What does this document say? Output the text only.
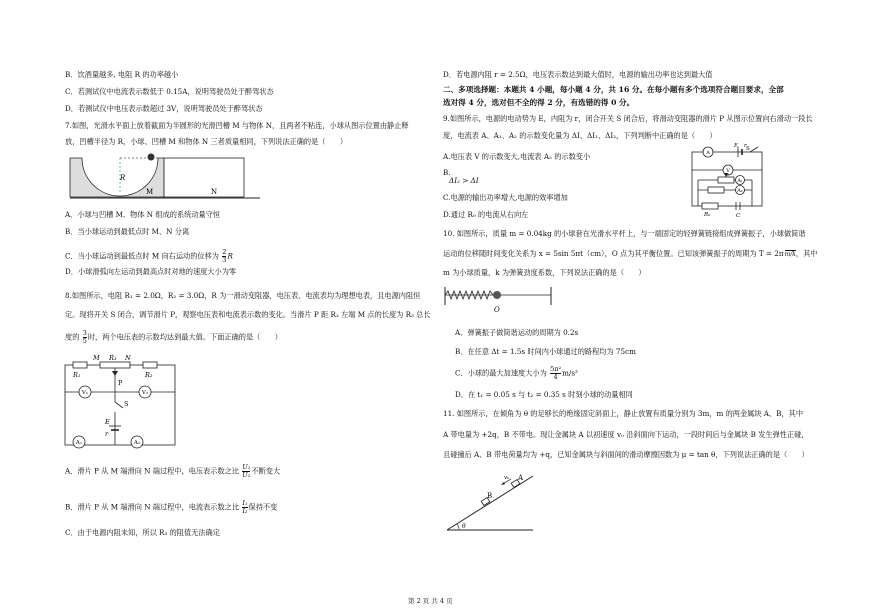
B．饮酒量越多, 电阻 R 的功率越小
C．若测试仪中电流表示数低于 0.15A，说明驾驶员处于醉驾状态
D．若测试仪中电压表示数超过 3V，说明驾驶员处于醉驾状态
7.如图，光滑水平面上放着截面为半圆形的光滑凹槽 M 与物体 N，且两者不粘连，小球从图示位置由静止释
放，凹槽半径为 R，小球、凹槽 M 和物体 N 三者质量相同，下列说法正确的是（　　）
R
M	N
A．小球与凹槽 M、物体 N 组成的系统动量守恒
B．当小球运动到最低点时 M、N 分离
C．当小球运动到最低点时 M 向右运动的位移为 $\frac{2}{3}$ R
D．小球滑弧向左运动到最高点时对地的速度大小为零
8.如图所示，电阻 R₁ = 2.0Ω，R₂ = 3.0Ω，R 为一滑动变阻器，电压表、电流表均为理想电表，且电源内阻恒
定。现将开关 S 闭合，调节滑片 P，观察电压表和电流表示数的变化。当滑片 P 距 R₃ 左端 M 点的长度为 R₃ 总长
度的 $\frac{3}{5}$ 时，两个电压表的示数均达到最大值。下面正确的是（　　）
M R₃ N
R₁	R₂
P
S
E
r
V₁	V₂
A₁	A₂
A．滑片 P 从 M 端滑向 N 端过程中，电压表示数之比 $\frac{\text{U₁}}{\text{U₂}}$ 不断变大
B．滑片 P 从 M 端滑向 N 端过程中，电流表示数之比 $\frac{\text{I₁}}{\text{I₂}}$ 保持不变
C．由于电源内阻未知，所以 R₃ 的阻值无法确定
D．若电源内阻 r = 2.5Ω，电压表示数达到最大值时，电源的输出功率也达到最大值
二、多项选择题：本题共 4 小题，每小题 4 分，共 16 分。在每小题有多个选项符合题目要求，全部
选对得 4 分，选对但不全的得 2 分，有选错的得 0 分。
9.如图所示，电源的电动势为 E，内阻为 r，闭合开关 S 闭合后，将滑动变阻器的滑片 P 从图示位置向右滑动一段长
度，电流表 A、A₁、A₂ 的示数变化量为 ΔI、ΔI₁、ΔI₂，下列判断中正确的是（　　）
A
V
A₁
A₂
S
E r
P
R₀	C
A.电压表 V 的示数变大,电流表 A₂ 的示数变小
B.
ΔI₂ > ΔI
C.电源的输出功率增大,电源的效率增加
D.通过 R₀ 的电流从右向左
10. 如图所示，质量 m = 0.04kg 的小球套在光滑水平杆上，与一端固定的轻弹簧链接组成弹簧振子，小球做简谐
运动的位移随时间变化关系为 x = 5sin 5πt（cm），O 点为其平衡位置。已知该弹簧振子的周期为 T = 2πm/k，其中
m 为小球质量，k 为弹簧劲度系数，下列说法正确的是（　　）
O
A．弹簧振子做简谐运动的周期为 0.2s
B．在任意 Δt = 1.5s 时间内小球通过的路程均为 75cm
C．小球的最大加速度大小为 $\frac{\text{5π²}}{4} m/s^2$
D．在 t₁ = 0.05 s 与 t₂ = 0.35 s 时刻小球的动量相同
11. 如图所示，在倾角为 θ 的足够长的绝缘固定斜面上，静止放置有质量分别为 3m，m 的两金属块 A、B，其中
A 带电量为 +2q，B 不带电。现让金属块 A 以初速度 v₀ 沿斜面向下运动，一段时间后与金属块 B 发生弹性正碰，
且碰撞后 A、B 带电荷量均为 +q，已知金属块与斜面间的滑动摩擦因数为 μ = tan θ，下列说法正确的是（　　）
θ
B
A
v₀
第 2 页 共 4 页
